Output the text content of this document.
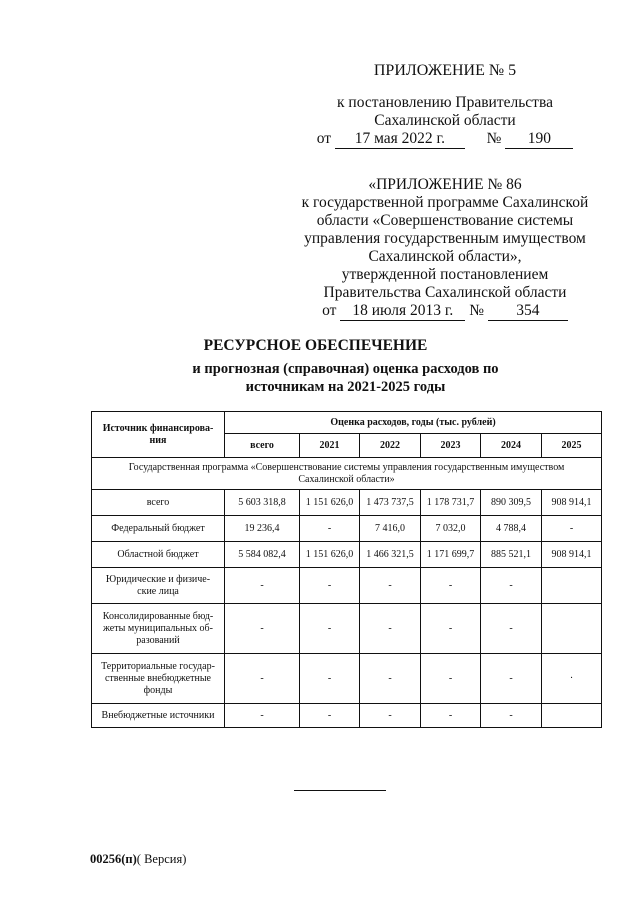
ПРИЛОЖЕНИЕ № 5
к постановлению Правительства
Сахалинской области
от 17 мая 2022 г.	№ 190
«ПРИЛОЖЕНИЕ № 86
к государственной программе Сахалинской
области «Совершенствование системы
управления государственным имуществом
Сахалинской области»,
утвержденной постановлением
Правительства Сахалинской области
от 18 июля 2013 г. № 354
РЕСУРСНОЕ ОБЕСПЕЧЕНИЕ
и прогнозная (справочная) оценка расходов по
источникам на 2021-2025 годы
Источник финансирова-ния	Оценка расходов, годы (тыс. рублей)					
	всего	2021	2022	2023	2024	2025
Государственная программа «Совершенствование системы управления государственным имуществом Сахалинской области»						
всего	5 603 318,8	1 151 626,0	1 473 737,5	1 178 731,7	890 309,5	908 914,1
Федеральный бюджет	19 236,4	-	7 416,0	7 032,0	4 788,4	-
Областной бюджет	5 584 082,4	1 151 626,0	1 466 321,5	1 171 699,7	885 521,1	908 914,1
Юридические и физиче-ские лица	-	-	-	-	-	
Консолидированные бюд-жеты муниципальных об-разований	-	-	-	-	-	
Территориальные государ-ственные внебюджетные фонды	-	-	-	-	-	·
Внебюджетные источники	-	-	-	-	-	
00256(п)( Версия)
